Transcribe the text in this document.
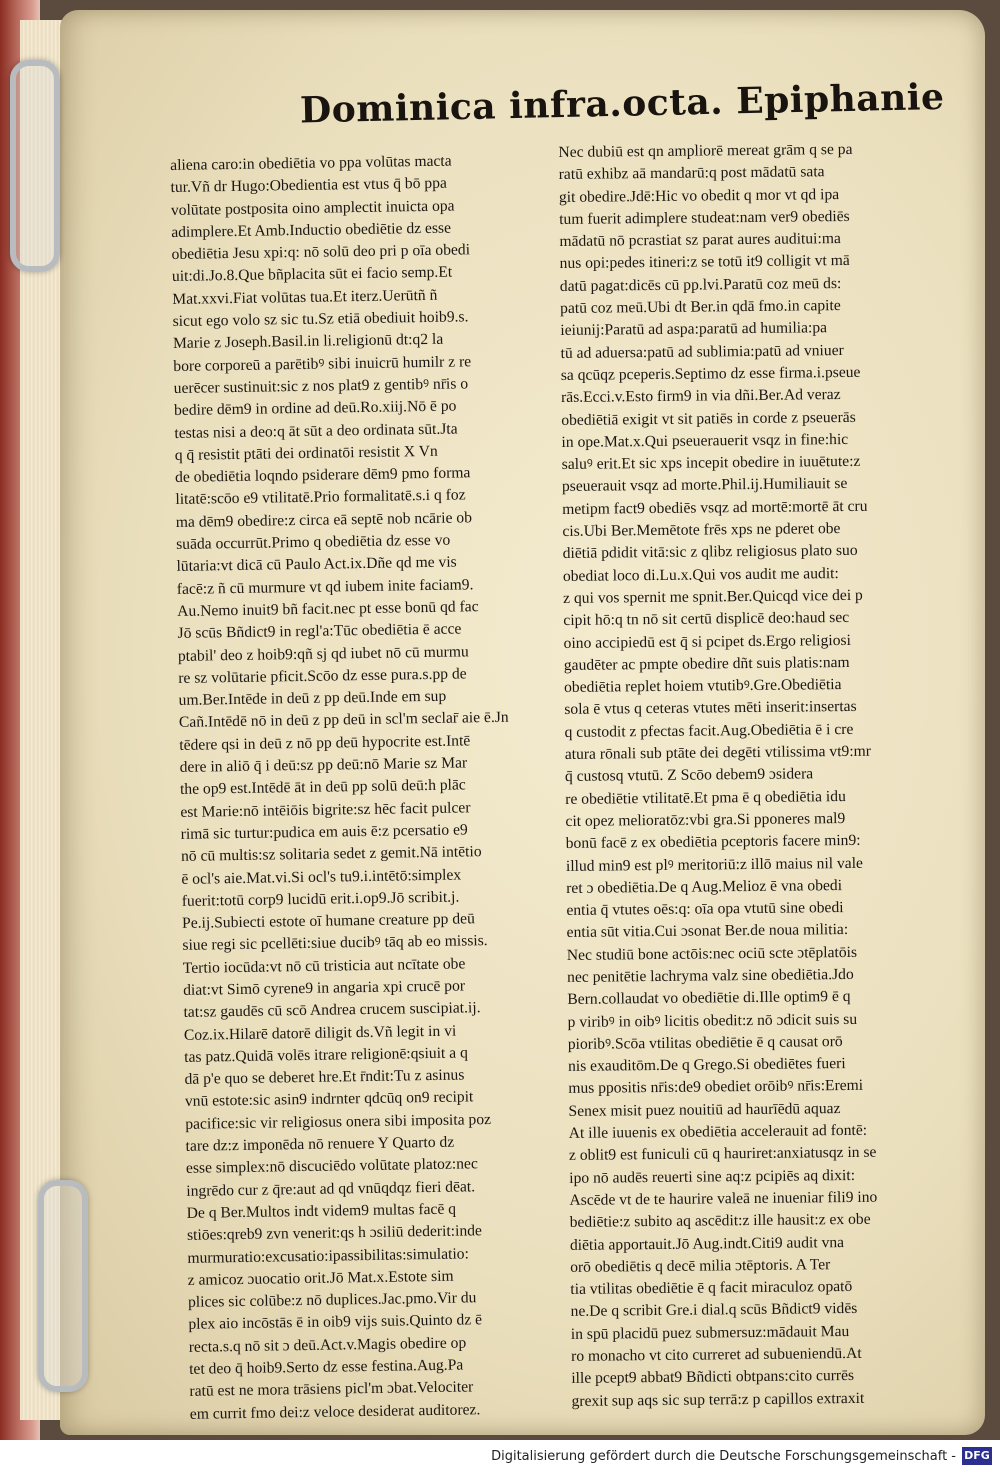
Dominica infra.octa. Epiphanie
aliena caro:in obediētia vo ppa volūtas macta
tur.Vñ dr Hugo:Obedientia est vtus q̄ bō ppa
volūtate postposita oino amplectit inuicta opa
adimplere.Et Amb.Inductio obediētie dz esse
obediētia Jesu xpi:q: nō solū deo pri p oīa obedi
uit:di.Jo.8.Que bñplacita sūt ei facio semp.Et
Mat.xxvi.Fiat volūtas tua.Et iterz.Uerūtñ ñ
sicut ego volo sz sic tu.Sz etiā obediuit hoib9.s.
Marie z Joseph.Basil.in li.religionū dt:q2 la
bore corporeū a parētibꝰ sibi inuicrū humilr z re
uerēcer sustinuit:sic z nos plat9 z gentibꝰ nr̄is o
bedire dēm9 in ordine ad deū.Ro.xiij.Nō ē po
testas nisi a deo:q āt sūt a deo ordinata sūt.Jta
q q̄ resistit ptāti dei ordinatōi resistit X Vn
de obediētia loqndo psiderare dēm9 pmo forma
litatē:scōo e9 vtilitatē.Prio formalitatē.s.i q foz
ma dēm9 obedire:z circa eā septē nob ncārie ob
suāda occurrūt.Primo q obediētia dz esse vo
lūtaria:vt dicā cū Paulo Act.ix.Dñe qd me vis
facē:z ñ cū murmure vt qd iubem inite faciam9.
Au.Nemo inuit9 bñ facit.nec pt esse bonū qd fac
Jō scūs Bñdict9 in regl'a:Tūc obediētia ē acce
ptabil' deo z hoib9:qñ sj qd iubet nō cū murmu
re sz volūtarie pficit.Scōo dz esse pura.s.pp de
um.Ber.Intēde in deū z pp deū.Inde em sup
Cañ.Intēdē nō in deū z pp deū in scl'm seclar̄ aie ē.Jn
tēdere qsi in deū z nō pp deū hypocrite est.Intē
dere in aliō q̄ i deū:sz pp deū:nō Marie sz Mar
the op9 est.Intēdē āt in deū pp solū deū:h plāc
est Marie:nō intēiōis bigrite:sz hēc facit pulcer
rimā sic turtur:pudica em auis ē:z pcersatio e9
nō cū multis:sz solitaria sedet z gemit.Nā intētio
ē ocl's aie.Mat.vi.Si ocl's tu9.i.intētō:simplex
fuerit:totū corp9 lucidū erit.i.op9.Jō scribit.j.
Pe.ij.Subiecti estote oī humane creature pp deū
siue regi sic pcellēti:siue ducibꝰ tāq ab eo missis.
Tertio iocūda:vt nō cū tristicia aut ncītate obe
diat:vt Simō cyrene9 in angaria xpi crucē por
tat:sz gaudēs cū scō Andrea crucem suscipiat.ij.
Coz.ix.Hilarē datorē diligit ds.Vñ legit in vi
tas patz.Quidā volēs itrare religionē:qsiuit a q
dā p'e quo se deberet hre.Et r̄ndit:Tu z asinus
vnū estote:sic asin9 indrnter qdcūq on9 recipit
pacifice:sic vir religiosus onera sibi imposita poz
tare dz:z imponēda nō renuere Y Quarto dz
esse simplex:nō discuciēdo volūtate platoz:nec
ingrēdo cur z q̄re:aut ad qd vnūqdqz fieri dēat.
De q Ber.Multos indt videm9 multas facē q
stiōes:qreb9 zvn venerit:qs h ɔsiliū dederit:inde
murmuratio:excusatio:ipassibilitas:simulatio:
z amicoz ɔuocatio orit.Jō Mat.x.Estote sim
plices sic colūbe:z nō duplices.Jac.pmo.Vir du
plex aio incōstās ē in oib9 vijs suis.Quinto dz ē
recta.s.q nō sit ɔ deū.Act.v.Magis obedire op
tet deo q̄ hoib9.Serto dz esse festina.Aug.Pa
ratū est ne mora trāsiens picl'm ɔbat.Velociter
em currit fmo dei:z veloce desiderat auditorez.
Nec dubiū est qn ampliorē mereat grām q se pa
ratū exhibz aā mandarū:q post mādatū sata
git obedire.Jdē:Hic vo obedit q mor vt qd ipa
tum fuerit adimplere studeat:nam ver9 obediēs
mādatū nō pcrastiat sz parat aures auditui:ma
nus opi:pedes itineri:z se totū it9 colligit vt mā
datū pagat:dicēs cū pp.lvi.Paratū coz meū ds:
patū coz meū.Ubi dt Ber.in qdā fmo.in capite
ieiunij:Paratū ad aspa:paratū ad humilia:pa
tū ad aduersa:patū ad sublimia:patū ad vniuer
sa qcūqz pceperis.Septimo dz esse firma.i.pseue
rās.Ecci.v.Esto firm9 in via dñi.Ber.Ad veraz
obediētiā exigit vt sit patiēs in corde z pseuerās
in ope.Mat.x.Qui pseuerauerit vsqz in fine:hic
saluꝰ erit.Et sic xps incepit obedire in iuuētute:z
pseuerauit vsqz ad morte.Phil.ij.Humiliauit se
metipm fact9 obediēs vsqz ad mortē:mortē āt cru
cis.Ubi Ber.Memētote frēs xps ne pderet obe
diētiā pdidit vitā:sic z qlibz religiosus plato suo
obediat loco di.Lu.x.Qui vos audit me audit:
z qui vos spernit me spnit.Ber.Quicqd vice dei p
cipit hō:q tn nō sit certū displicē deo:haud sec
oino accipiedū est q̄ si pcipet ds.Ergo religiosi
gaudēter ac pmpte obedire dñt suis platis:nam
obediētia replet hoiem vtutibꝰ.Gre.Obediētia
sola ē vtus q ceteras vtutes mēti inserit:insertas
q custodit z pfectas facit.Aug.Obediētia ē i cre
atura rōnali sub ptāte dei degēti vtilissima vt9:mr
q̄ custosq vtutū. Z Scōo debem9 ɔsidera
re obediētie vtilitatē.Et pma ē q obediētia idu
cit opez melioratōz:vbi gra.Si pponeres mal9
bonū facē z ex obediētia pceptoris facere min9:
illud min9 est plꝰ meritoriū:z illō maius nil vale
ret ɔ obediētia.De q Aug.Melioz ē vna obedi
entia q̄ vtutes oēs:q: oīa opa vtutū sine obedi
entia sūt vitia.Cui ɔsonat Ber.de noua militia:
Nec studiū bone actōis:nec ociū scte ɔtēplatōis
nec penitētie lachryma valz sine obediētia.Jdo
Bern.collaudat vo obediētie di.Ille optim9 ē q
p viribꝰ in oibꝰ licitis obedit:z nō ɔdicit suis su
pioribꝰ.Scōa vtilitas obediētie ē q causat orō
nis exauditōm.De q Grego.Si obediētes fueri
mus ppositis nr̄is:de9 obediet orōibꝰ nr̄is:Eremi
Senex misit puez nouitiū ad haurīēdū aquaz
At ille iuuenis ex obediētia accelerauit ad fontē:
z oblit9 est funiculi cū q hauriret:anxiatusqz in se
ipo nō audēs reuerti sine aq:z pcipiēs aq dixit:
Ascēde vt de te haurire valeā ne inueniar fili9 ino
bediētie:z subito aq ascēdit:z ille hausit:z ex obe
diētia apportauit.Jō Aug.indt.Citi9 audit vna
orō obediētis q decē milia ɔtēptoris. A Ter
tia vtilitas obediētie ē q facit miraculoz opatō
ne.De q scribit Gre.i dial.q scūs Bñdict9 vidēs
in spū placidū puez submersuz:mādauit Mau
ro monacho vt cito curreret ad subueniendū.At
ille pcept9 abbat9 Bñdicti obtpans:cito currēs
grexit sup aqs sic sup terrā:z p capillos extraxit
Digitalisierung gefördert durch die Deutsche Forschungsgemeinschaft - DFG
